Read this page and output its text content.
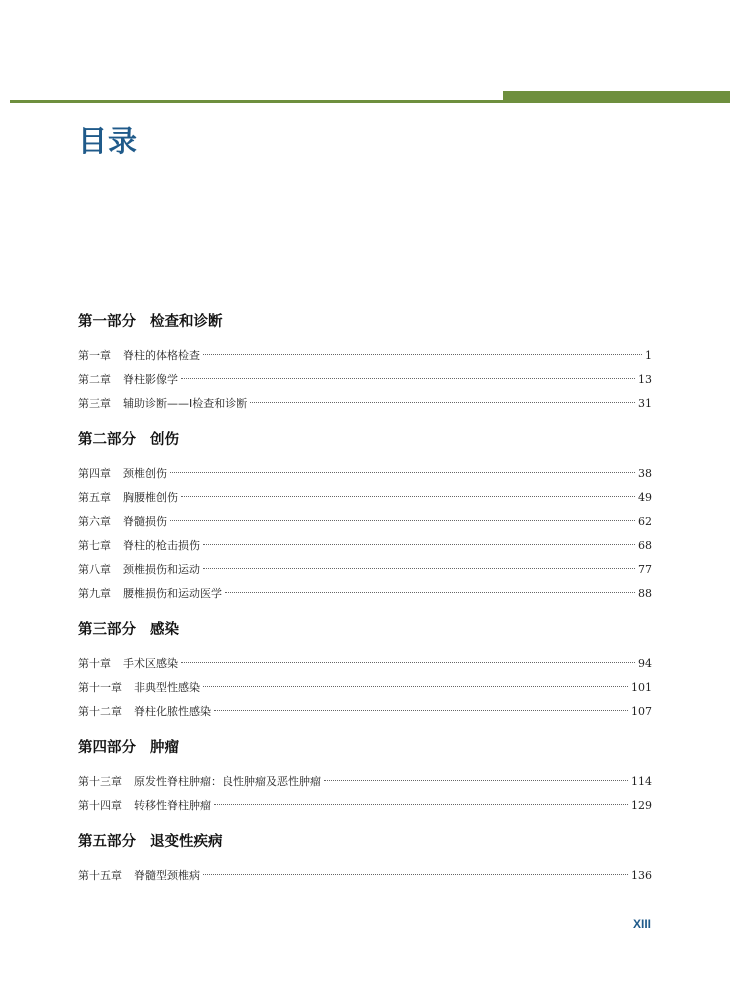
目录
第一部分 检查和诊断
第一章 脊柱的体格检查	1
第二章 脊柱影像学	13
第三章 辅助诊断——Ⅰ检查和诊断	31
第二部分 创伤
第四章 颈椎创伤	38
第五章 胸腰椎创伤	49
第六章 脊髓损伤	62
第七章 脊柱的枪击损伤	68
第八章 颈椎损伤和运动	77
第九章 腰椎损伤和运动医学	88
第三部分 感染
第十章 手术区感染	94
第十一章 非典型性感染	101
第十二章 脊柱化脓性感染	107
第四部分 肿瘤
第十三章 原发性脊柱肿瘤：良性肿瘤及恶性肿瘤	114
第十四章 转移性脊柱肿瘤	129
第五部分 退变性疾病
第十五章 脊髓型颈椎病	136
XIII
